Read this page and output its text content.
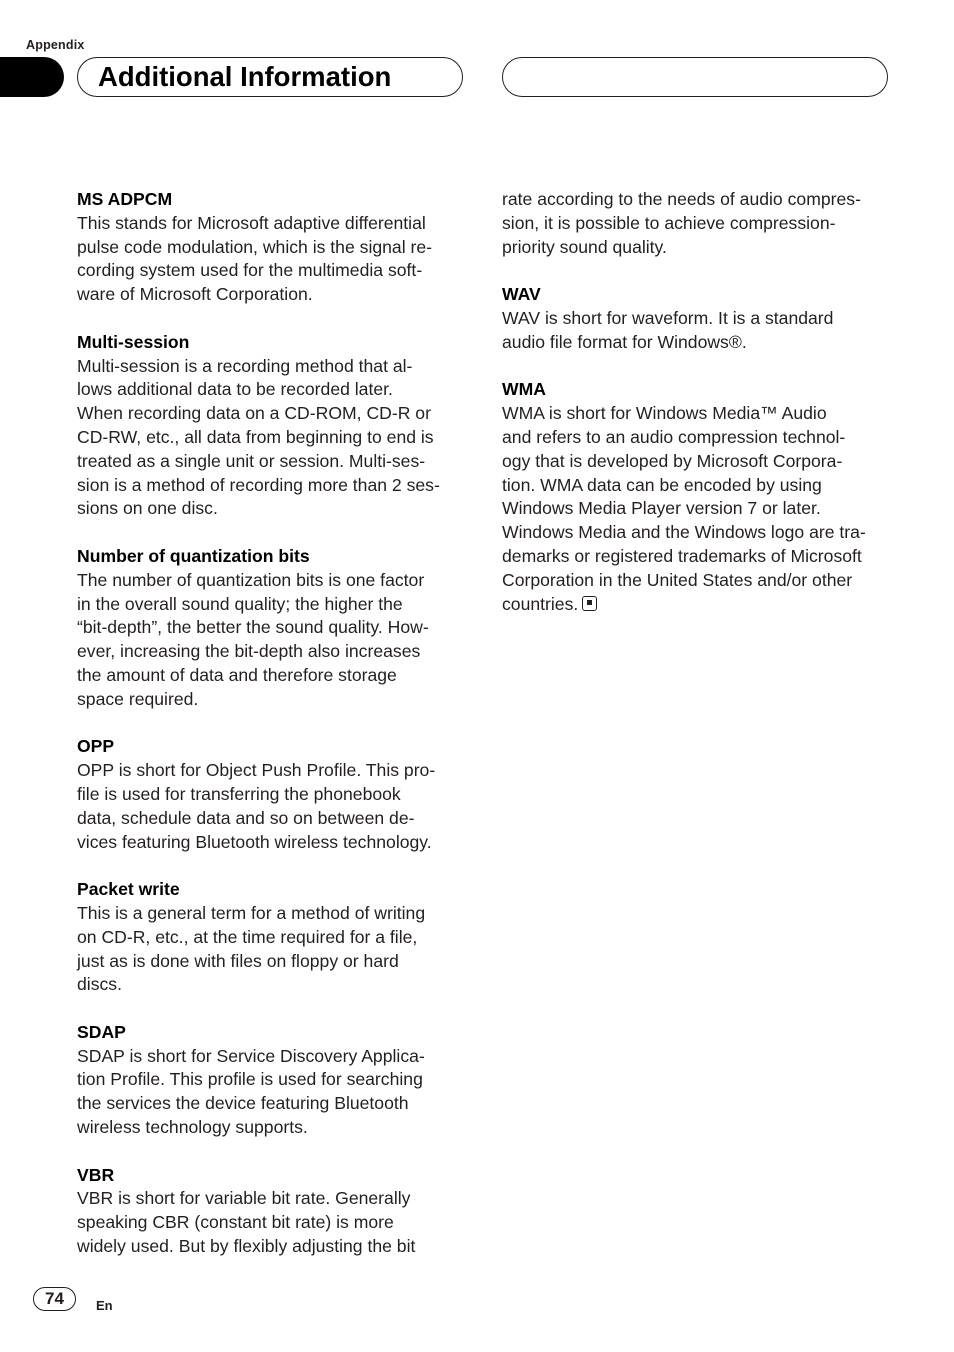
Appendix
Additional Information
MS ADPCM
This stands for Microsoft adaptive differential
pulse code modulation, which is the signal re-
cording system used for the multimedia soft-
ware of Microsoft Corporation.
Multi-session
Multi-session is a recording method that al-
lows additional data to be recorded later.
When recording data on a CD-ROM, CD-R or
CD-RW, etc., all data from beginning to end is
treated as a single unit or session. Multi-ses-
sion is a method of recording more than 2 ses-
sions on one disc.
Number of quantization bits
The number of quantization bits is one factor
in the overall sound quality; the higher the
“bit-depth”, the better the sound quality. How-
ever, increasing the bit-depth also increases
the amount of data and therefore storage
space required.
OPP
OPP is short for Object Push Profile. This pro-
file is used for transferring the phonebook
data, schedule data and so on between de-
vices featuring Bluetooth wireless technology.
Packet write
This is a general term for a method of writing
on CD-R, etc., at the time required for a file,
just as is done with files on floppy or hard
discs.
SDAP
SDAP is short for Service Discovery Applica-
tion Profile. This profile is used for searching
the services the device featuring Bluetooth
wireless technology supports.
VBR
VBR is short for variable bit rate. Generally
speaking CBR (constant bit rate) is more
widely used. But by flexibly adjusting the bit
rate according to the needs of audio compres-
sion, it is possible to achieve compression-
priority sound quality.
WAV
WAV is short for waveform. It is a standard
audio file format for Windows®.
WMA
WMA is short for Windows Media™ Audio
and refers to an audio compression technol-
ogy that is developed by Microsoft Corpora-
tion. WMA data can be encoded by using
Windows Media Player version 7 or later.
Windows Media and the Windows logo are tra-
demarks or registered trademarks of Microsoft
Corporation in the United States and/or other
countries.
74	En
